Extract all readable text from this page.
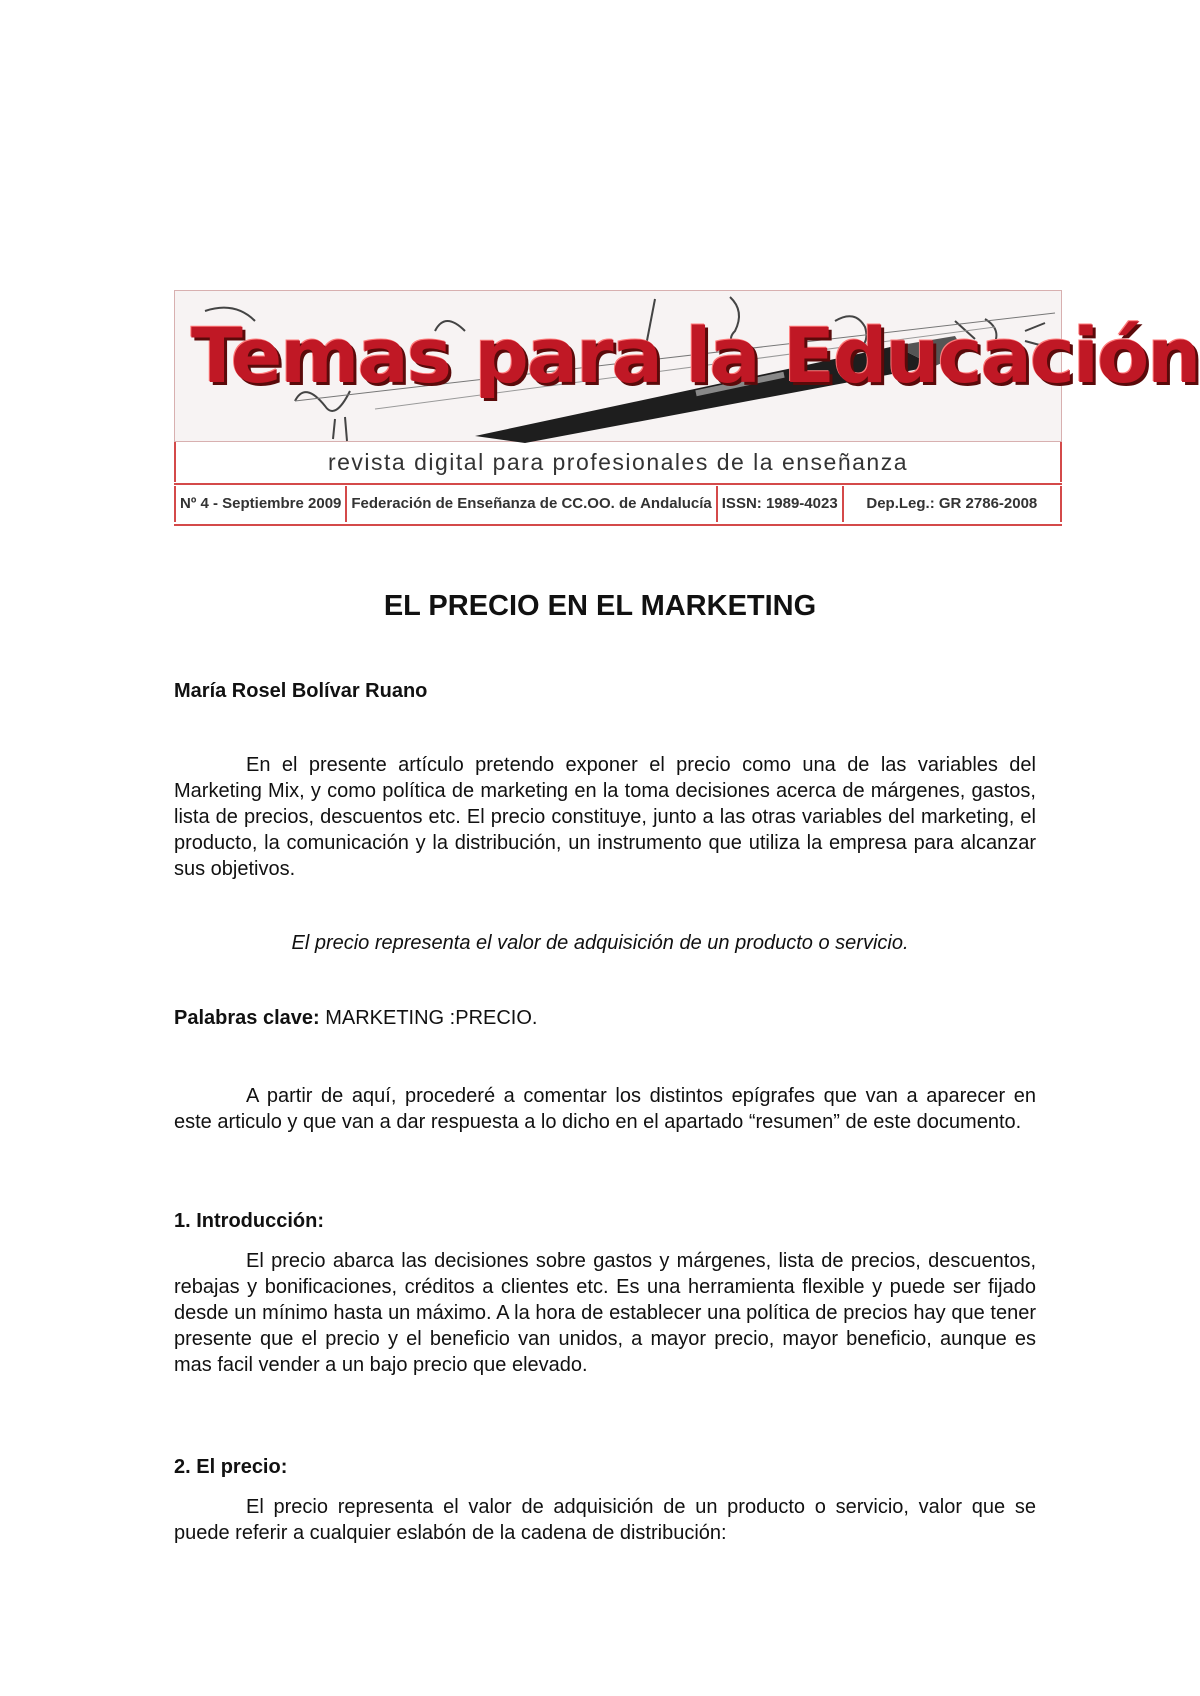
Temas para la Educación
revista digital para profesionales de la enseñanza
Nº 4 - Septiembre 2009 Federación de Enseñanza de CC.OO. de Andalucía ISSN: 1989-4023	Dep.Leg.: GR 2786-2008
EL PRECIO EN EL MARKETING

María Rosel Bolívar Ruano

En el presente artículo pretendo exponer el precio como una de las variables del Marketing Mix, y como política de marketing en la toma decisiones acerca de márgenes, gastos, lista de precios, descuentos etc. El precio constituye, junto a las otras variables del marketing, el producto, la comunicación y la distribución, un instrumento que utiliza la empresa para alcanzar sus objetivos.

El precio representa el valor de adquisición de un producto o servicio.

Palabras clave: MARKETING :PRECIO.

A partir de aquí, procederé a comentar los distintos epígrafes que van a aparecer en este articulo y que van a dar respuesta a lo dicho en el apartado “resumen” de este documento.

1. Introducción:

El precio abarca las decisiones sobre gastos y márgenes, lista de precios, descuentos, rebajas y bonificaciones, créditos a clientes etc. Es una herramienta flexible y puede ser fijado desde un mínimo hasta un máximo. A la hora de establecer una política de precios hay que tener presente que el precio y el beneficio van unidos, a mayor precio, mayor beneficio, aunque es mas facil vender a un bajo precio que elevado.

2. El precio:

El precio representa el valor de adquisición de un producto o servicio, valor que se puede referir a cualquier eslabón de la cadena de distribución:
